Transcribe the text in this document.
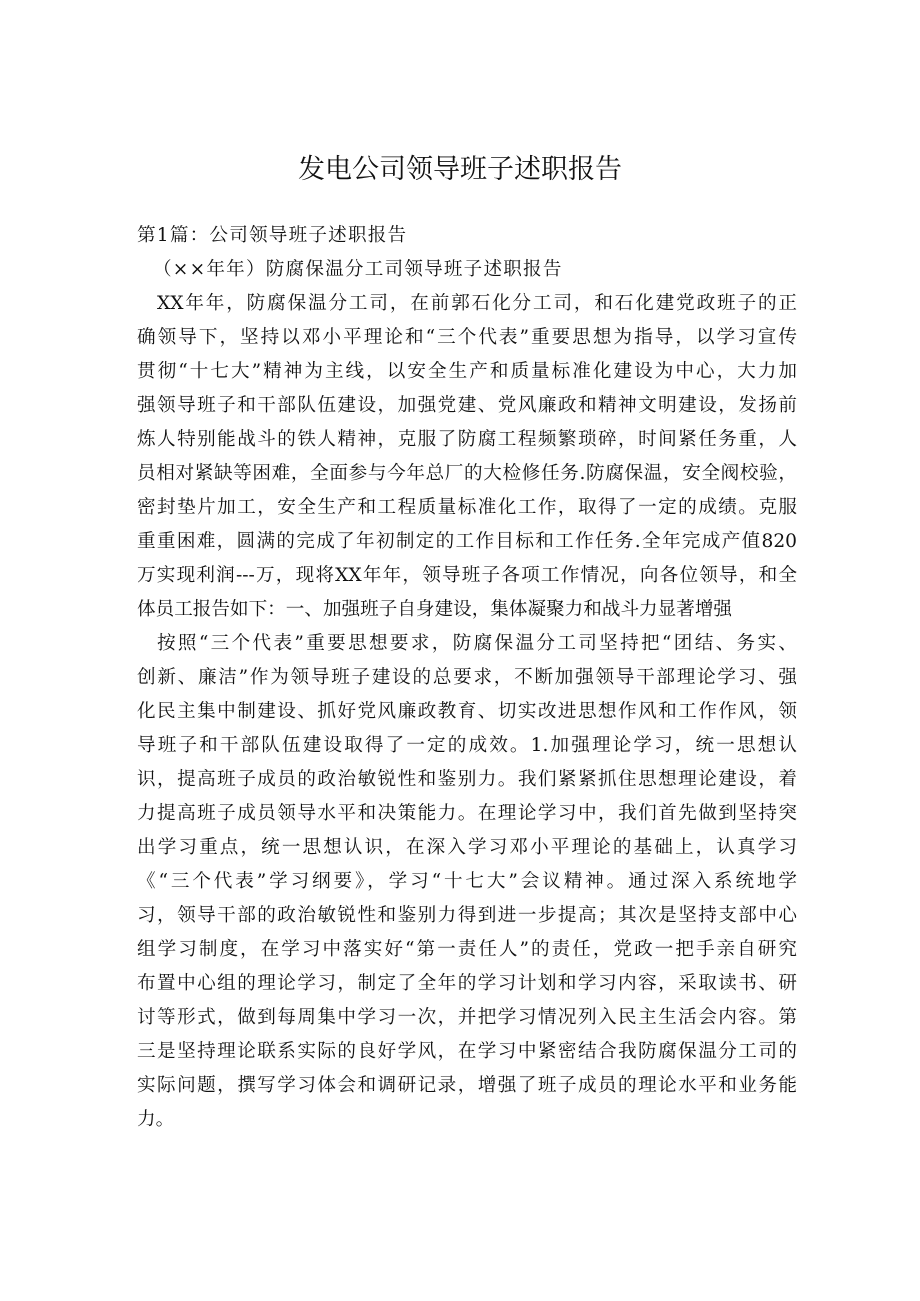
发电公司领导班子述职报告
第1篇：公司领导班子述职报告
（××年年）防腐保温分工司领导班子述职报告
XX年年，防腐保温分工司，在前郭石化分工司，和石化建党政班子的正
确领导下，坚持以邓小平理论和“三个代表”重要思想为指导，以学习宣传
贯彻“十七大”精神为主线，以安全生产和质量标准化建设为中心，大力加
强领导班子和干部队伍建设，加强党建、党风廉政和精神文明建设，发扬前
炼人特别能战斗的铁人精神，克服了防腐工程频繁琐碎，时间紧任务重，人
员相对紧缺等困难，全面参与今年总厂的大检修任务.防腐保温，安全阀校验，
密封垫片加工，安全生产和工程质量标准化工作，取得了一定的成绩。克服
重重困难，圆满的完成了年初制定的工作目标和工作任务.全年完成产值820
万实现利润---万，现将XX年年，领导班子各项工作情况，向各位领导，和全
体员工报告如下：一、加强班子自身建设，集体凝聚力和战斗力显著增强
按照“三个代表”重要思想要求，防腐保温分工司坚持把“团结、务实、
创新、廉洁”作为领导班子建设的总要求，不断加强领导干部理论学习、强
化民主集中制建设、抓好党风廉政教育、切实改进思想作风和工作作风，领
导班子和干部队伍建设取得了一定的成效。1.加强理论学习，统一思想认
识，提高班子成员的政治敏锐性和鉴别力。我们紧紧抓住思想理论建设，着
力提高班子成员领导水平和决策能力。在理论学习中，我们首先做到坚持突
出学习重点，统一思想认识，在深入学习邓小平理论的基础上，认真学习
《“三个代表”学习纲要》，学习“十七大”会议精神。通过深入系统地学
习，领导干部的政治敏锐性和鉴别力得到进一步提高；其次是坚持支部中心
组学习制度，在学习中落实好“第一责任人”的责任，党政一把手亲自研究
布置中心组的理论学习，制定了全年的学习计划和学习内容，采取读书、研
讨等形式，做到每周集中学习一次，并把学习情况列入民主生活会内容。第
三是坚持理论联系实际的良好学风，在学习中紧密结合我防腐保温分工司的
实际问题，撰写学习体会和调研记录，增强了班子成员的理论水平和业务能
力。
